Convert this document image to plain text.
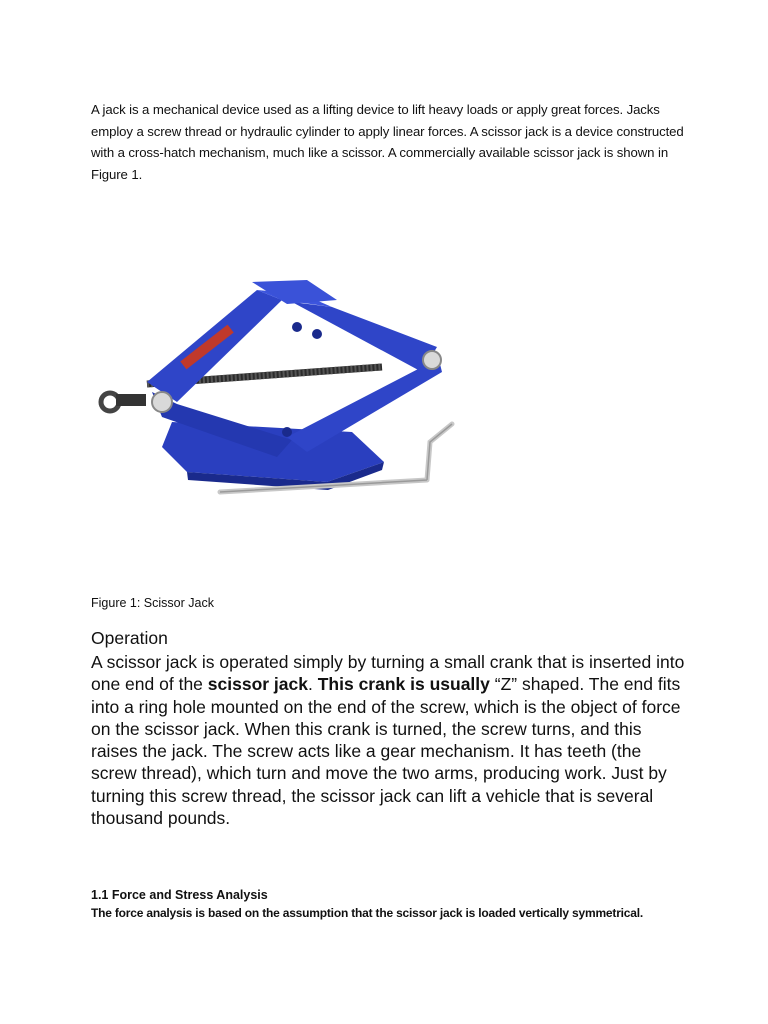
A jack is a mechanical device used as a lifting device to lift heavy loads or apply great forces. Jacks employ a screw thread or hydraulic cylinder to apply linear forces. A scissor jack is a device constructed with a cross-hatch mechanism, much like a scissor. A commercially available scissor jack is shown in Figure 1.

Figure 1: Scissor Jack
Operation

A scissor jack is operated simply by turning a small crank that is inserted into one end of the scissor jack. This crank is usually “Z” shaped. The end fits into a ring hole mounted on the end of the screw, which is the object of force on the scissor jack. When this crank is turned, the screw turns, and this raises the jack. The screw acts like a gear mechanism. It has teeth (the screw thread), which turn and move the two arms, producing work. Just by turning this screw thread, the scissor jack can lift a vehicle that is several thousand pounds.

1.1 Force and Stress Analysis
The force analysis is based on the assumption that the scissor jack is loaded vertically symmetrical.
